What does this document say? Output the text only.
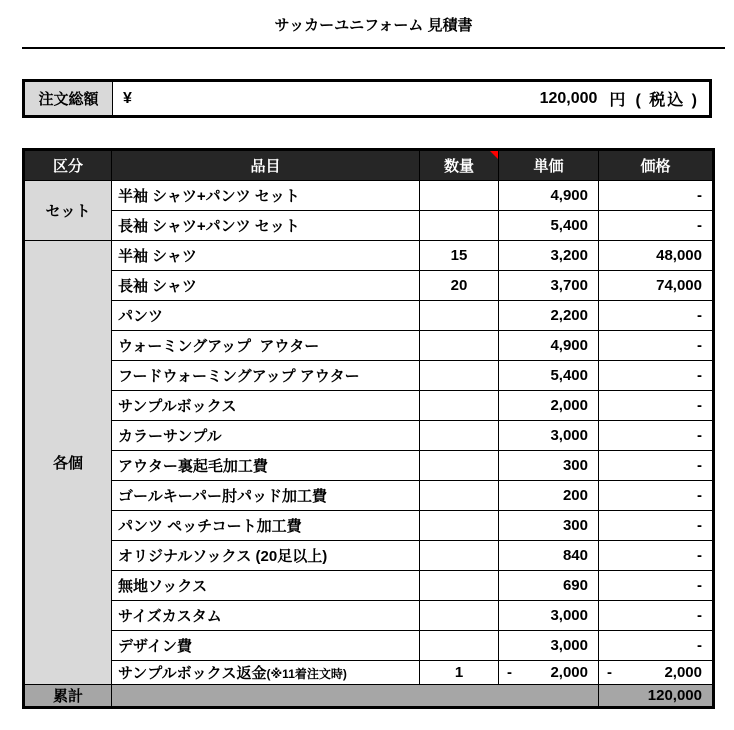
サッカーユニフォーム 見積書
注文総額	¥	120,000 円 ( 税込 )
区分	品目	数量	単価	価格
セット	半袖 シャツ+パンツ セット		4,900	-
	長袖 シャツ+パンツ セット		5,400	-
各個	半袖 シャツ	15	3,200	48,000
	長袖 シャツ	20	3,700	74,000
	パンツ		2,200	-
	ウォーミングアップ  アウター		4,900	-
	フードウォーミングアップ アウター		5,400	-
	サンプルボックス		2,000	-
	カラーサンプル		3,000	-
	アウター裏起毛加工費		300	-
	ゴールキーパー肘パッド加工費		200	-
	パンツ ペッチコート加工費		300	-
	オリジナルソックス (20足以上)		840	-
	無地ソックス		690	-
	サイズカスタム		3,000	-
	デザイン費		3,000	-
	サンプルボックス返金(※11着注文時)	1	- 2,000	- 2,000
累計				120,000
